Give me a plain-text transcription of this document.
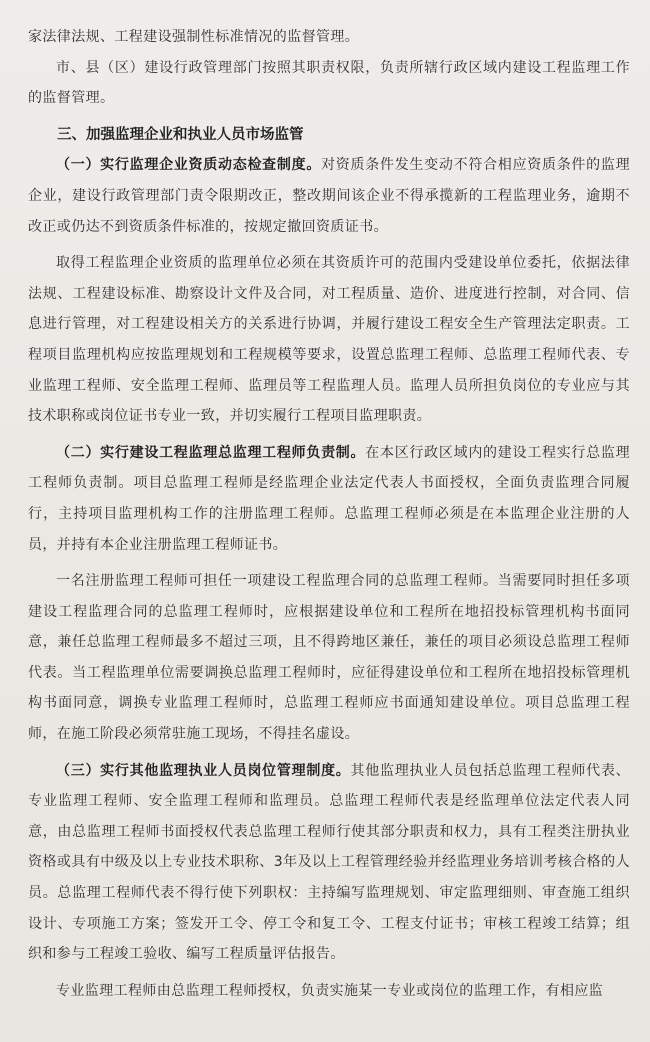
家法律法规、工程建设强制性标准情况的监督管理。

市、县（区）建设行政管理部门按照其职责权限，负责所辖行政区域内建设工程监理工作的监督管理。

三、加强监理企业和执业人员市场监管

（一）实行监理企业资质动态检查制度。对资质条件发生变动不符合相应资质条件的监理企业，建设行政管理部门责令限期改正，整改期间该企业不得承揽新的工程监理业务，逾期不改正或仍达不到资质条件标准的，按规定撤回资质证书。

取得工程监理企业资质的监理单位必须在其资质许可的范围内受建设单位委托，依据法律法规、工程建设标准、勘察设计文件及合同，对工程质量、造价、进度进行控制，对合同、信息进行管理，对工程建设相关方的关系进行协调，并履行建设工程安全生产管理法定职责。工程项目监理机构应按监理规划和工程规模等要求，设置总监理工程师、总监理工程师代表、专业监理工程师、安全监理工程师、监理员等工程监理人员。监理人员所担负岗位的专业应与其技术职称或岗位证书专业一致，并切实履行工程项目监理职责。

（二）实行建设工程监理总监理工程师负责制。在本区行政区域内的建设工程实行总监理工程师负责制。项目总监理工程师是经监理企业法定代表人书面授权，全面负责监理合同履行，主持项目监理机构工作的注册监理工程师。总监理工程师必须是在本监理企业注册的人员，并持有本企业注册监理工程师证书。

一名注册监理工程师可担任一项建设工程监理合同的总监理工程师。当需要同时担任多项建设工程监理合同的总监理工程师时，应根据建设单位和工程所在地招投标管理机构书面同意，兼任总监理工程师最多不超过三项，且不得跨地区兼任，兼任的项目必须设总监理工程师代表。当工程监理单位需要调换总监理工程师时，应征得建设单位和工程所在地招投标管理机构书面同意，调换专业监理工程师时，总监理工程师应书面通知建设单位。项目总监理工程师，在施工阶段必须常驻施工现场，不得挂名虚设。

（三）实行其他监理执业人员岗位管理制度。其他监理执业人员包括总监理工程师代表、专业监理工程师、安全监理工程师和监理员。总监理工程师代表是经监理单位法定代表人同意，由总监理工程师书面授权代表总监理工程师行使其部分职责和权力，具有工程类注册执业资格或具有中级及以上专业技术职称、3年及以上工程管理经验并经监理业务培训考核合格的人员。总监理工程师代表不得行使下列职权：主持编写监理规划、审定监理细则、审查施工组织设计、专项施工方案；签发开工令、停工令和复工令、工程支付证书；审核工程竣工结算；组织和参与工程竣工验收、编写工程质量评估报告。

专业监理工程师由总监理工程师授权，负责实施某一专业或岗位的监理工作，有相应监
